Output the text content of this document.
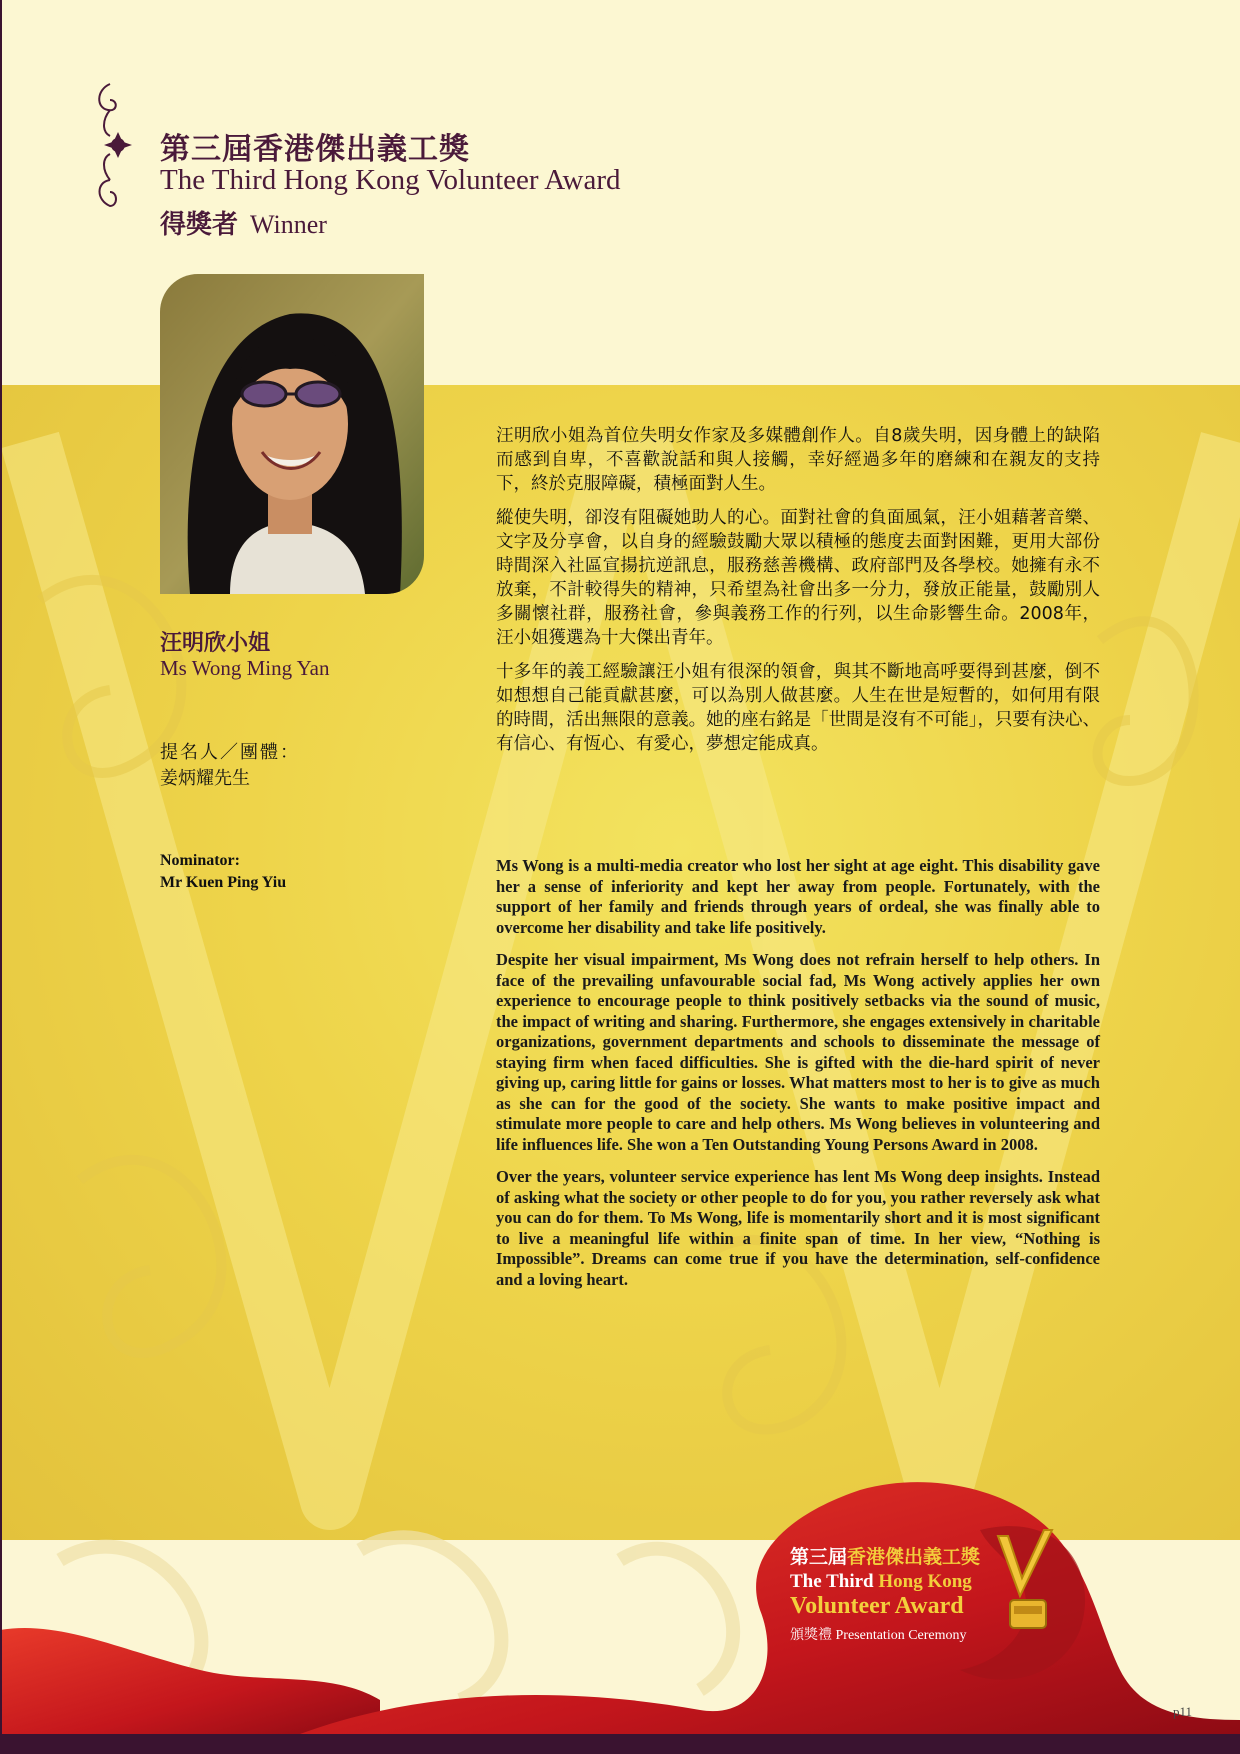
第三屆香港傑出義工獎
The Third Hong Kong Volunteer Award
得獎者 Winner
汪明欣小姐
Ms Wong Ming Yan
提名人／團體：
姜炳耀先生
Nominator:
Mr Kuen Ping Yiu

汪明欣小姐為首位失明女作家及多媒體創作人。自8歲失明，因身體上的缺陷而感到自卑，不喜歡說話和與人接觸，幸好經過多年的磨練和在親友的支持下，終於克服障礙，積極面對人生。

縱使失明，卻沒有阻礙她助人的心。面對社會的負面風氣，汪小姐藉著音樂、文字及分享會，以自身的經驗鼓勵大眾以積極的態度去面對困難，更用大部份時間深入社區宣揚抗逆訊息，服務慈善機構、政府部門及各學校。她擁有永不放棄，不計較得失的精神，只希望為社會出多一分力，發放正能量，鼓勵別人多關懷社群，服務社會，參與義務工作的行列，以生命影響生命。2008年，汪小姐獲選為十大傑出青年。

十多年的義工經驗讓汪小姐有很深的領會，與其不斷地高呼要得到甚麼，倒不如想想自己能貢獻甚麼，可以為別人做甚麼。人生在世是短暫的，如何用有限的時間，活出無限的意義。她的座右銘是「世間是沒有不可能」，只要有決心、有信心、有恆心、有愛心，夢想定能成真。

Ms Wong is a multi-media creator who lost her sight at age eight. This disability gave her a sense of inferiority and kept her away from people. Fortunately, with the support of her family and friends through years of ordeal, she was finally able to overcome her disability and take life positively.

Despite her visual impairment, Ms Wong does not refrain herself to help others. In face of the prevailing unfavourable social fad, Ms Wong actively applies her own experience to encourage people to think positively setbacks via the sound of music, the impact of writing and sharing. Furthermore, she engages extensively in charitable organizations, government departments and schools to disseminate the message of staying firm when faced difficulties. She is gifted with the die-hard spirit of never giving up, caring little for gains or losses. What matters most to her is to give as much as she can for the good of the society. She wants to make positive impact and stimulate more people to care and help others. Ms Wong believes in volunteering and life influences life. She won a Ten Outstanding Young Persons Award in 2008.

Over the years, volunteer service experience has lent Ms Wong deep insights. Instead of asking what the society or other people to do for you, you rather reversely ask what you can do for them. To Ms Wong, life is momentarily short and it is most significant to live a meaningful life within a finite span of time. In her view, “Nothing is Impossible”. Dreams can come true if you have the determination, self-confidence and a loving heart.

第三屆香港傑出義工獎
The Third Hong Kong
Volunteer Award
頒獎禮 Presentation Ceremony
p11
